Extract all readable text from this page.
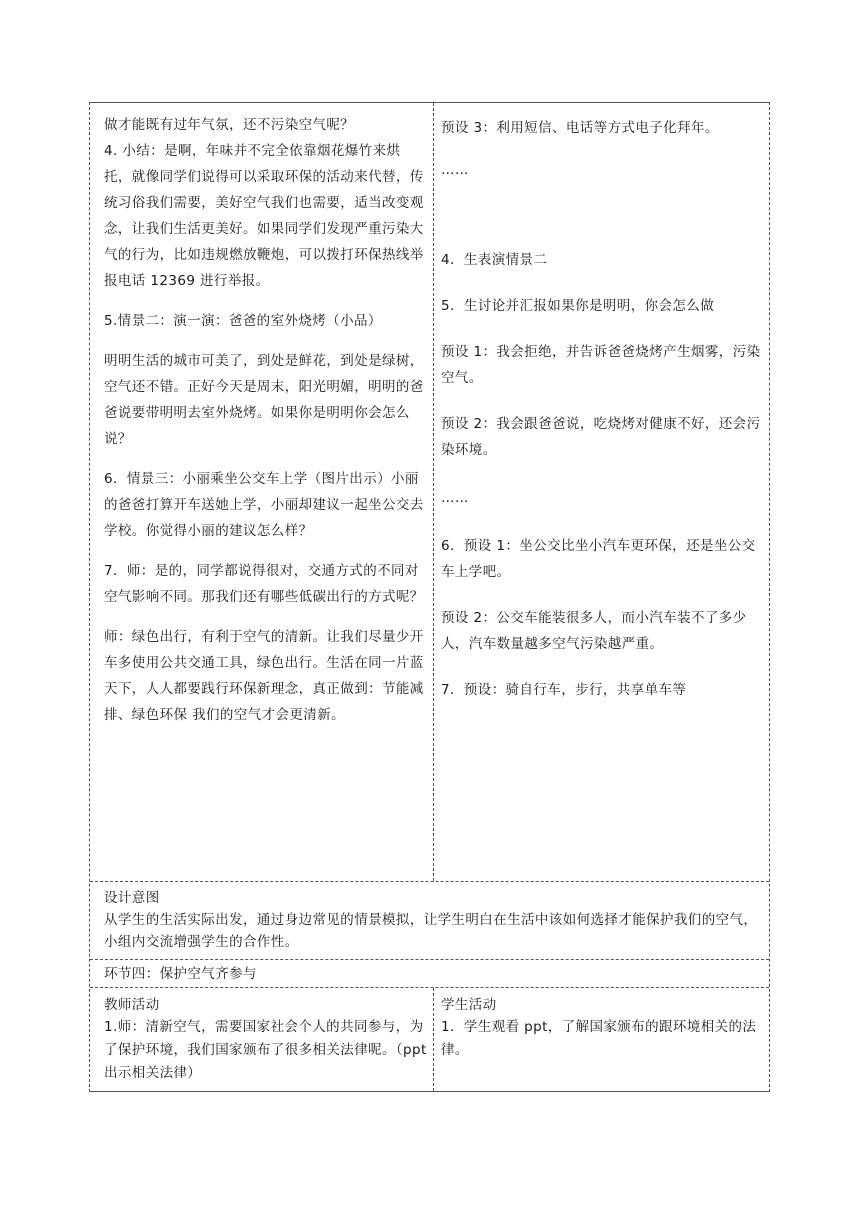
做才能既有过年气氛，还不污染空气呢？

4. 小结：是啊，年味并不完全依靠烟花爆竹来烘托，就像同学们说得可以采取环保的活动来代替，传统习俗我们需要，美好空气我们也需要，适当改变观念，让我们生活更美好。如果同学们发现严重污染大气的行为，比如违规燃放鞭炮，可以拨打环保热线举报电话 12369 进行举报。

5.情景二：演一演：爸爸的室外烧烤（小品）

明明生活的城市可美了，到处是鲜花，到处是绿树，空气还不错。正好今天是周末，阳光明媚，明明的爸爸说要带明明去室外烧烤。如果你是明明你会怎么说？

6．情景三：小丽乘坐公交车上学（图片出示）小丽的爸爸打算开车送她上学，小丽却建议一起坐公交去学校。你觉得小丽的建议怎么样？

7．师：是的，同学都说得很对，交通方式的不同对空气影响不同。那我们还有哪些低碳出行的方式呢？

师：绿色出行，有利于空气的清新。让我们尽量少开车多使用公共交通工具，绿色出行。生活在同一片蓝天下，人人都要践行环保新理念，真正做到：节能减排、绿色环保 我们的空气才会更清新。

预设 3：利用短信、电话等方式电子化拜年。

……

4．生表演情景二

5．生讨论并汇报如果你是明明，你会怎么做

预设 1：我会拒绝，并告诉爸爸烧烤产生烟雾，污染空气。

预设 2：我会跟爸爸说，吃烧烤对健康不好，还会污染环境。

……

6．预设 1：坐公交比坐小汽车更环保，还是坐公交车上学吧。

预设 2：公交车能装很多人，而小汽车装不了多少人，汽车数量越多空气污染越严重。

7．预设：骑自行车，步行，共享单车等

设计意图

从学生的生活实际出发，通过身边常见的情景模拟，让学生明白在生活中该如何选择才能保护我们的空气，小组内交流增强学生的合作性。

环节四：保护空气齐参与

教师活动

1.师：清新空气，需要国家社会个人的共同参与，为了保护环境，我们国家颁布了很多相关法律呢。（ppt 出示相关法律）

学生活动

1．学生观看 ppt，了解国家颁布的跟环境相关的法律。
